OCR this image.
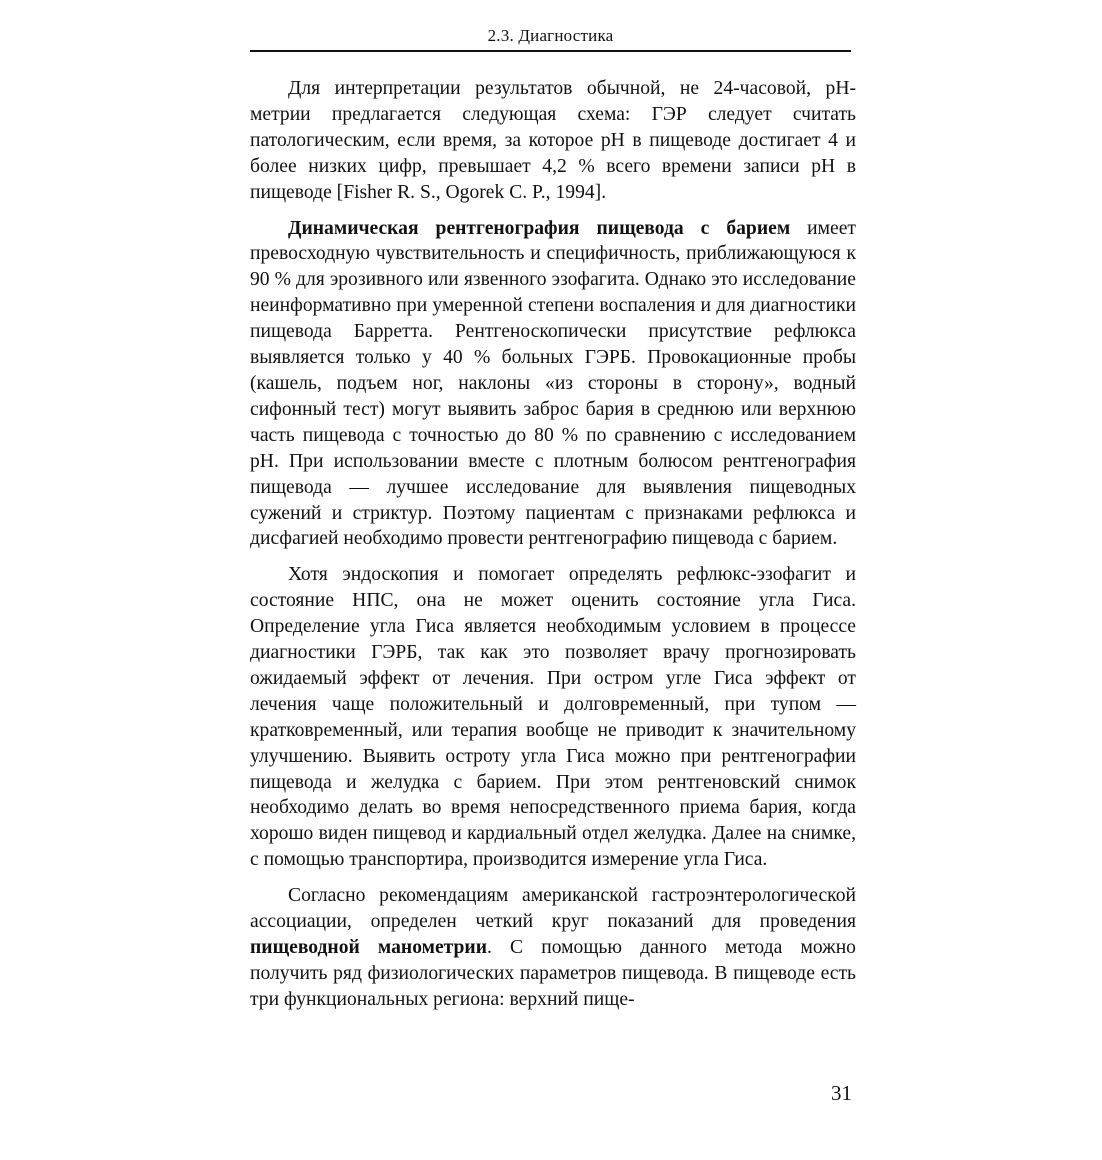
2.3. Диагностика

Для интерпретации результатов обычной, не 24-часовой, рН-метрии предлагается следующая схема: ГЭР следует считать патологическим, если время, за которое рН в пищеводе достигает 4 и более низких цифр, превышает 4,2 % всего времени записи рН в пищеводе [Fisher R. S., Ogorek С. P., 1994].

Динамическая рентгенография пищевода с барием имеет превосходную чувствительность и специфичность, приближающуюся к 90 % для эрозивного или язвенного эзофагита. Однако это исследование неинформативно при умеренной степени воспаления и для диагностики пищевода Барретта. Рентгеноскопически присутствие рефлюкса выявляется только у 40 % больных ГЭРБ. Провокационные пробы (кашель, подъем ног, наклоны «из стороны в сторону», водный сифонный тест) могут выявить заброс бария в среднюю или верхнюю часть пищевода с точностью до 80 % по сравнению с исследованием рН. При использовании вместе с плотным болюсом рентгенография пищевода — лучшее исследование для выявления пищеводных сужений и стриктур. Поэтому пациентам с признаками рефлюкса и дисфагией необходимо провести рентгенографию пищевода с барием.

Хотя эндоскопия и помогает определять рефлюкс-эзофагит и состояние НПС, она не может оценить состояние угла Гиса. Определение угла Гиса является необходимым условием в процессе диагностики ГЭРБ, так как это позволяет врачу прогнозировать ожидаемый эффект от лечения. При остром угле Гиса эффект от лечения чаще положительный и долговременный, при тупом — кратковременный, или терапия вообще не приводит к значительному улучшению. Выявить остроту угла Гиса можно при рентгенографии пищевода и желудка с барием. При этом рентгеновский снимок необходимо делать во время непосредственного приема бария, когда хорошо виден пищевод и кардиальный отдел желудка. Далее на снимке, с помощью транспортира, производится измерение угла Гиса.

Согласно рекомендациям американской гастроэнтерологической ассоциации, определен четкий круг показаний для проведения пищеводной манометрии. С помощью данного метода можно получить ряд физиологических параметров пищевода. В пищеводе есть три функциональных региона: верхний пище-

31
